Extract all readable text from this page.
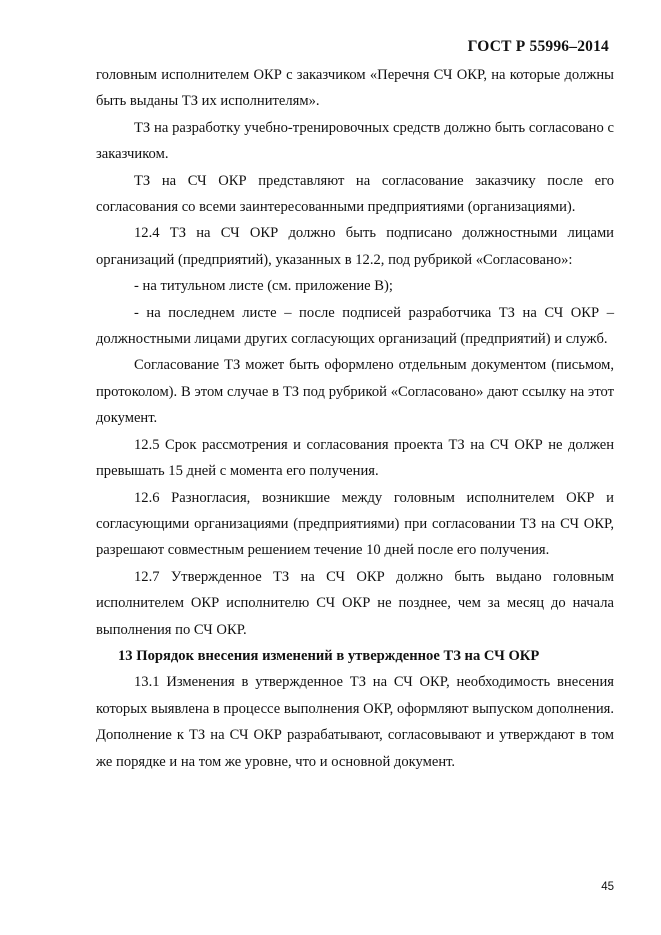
ГОСТ Р 55996–2014

головным исполнителем ОКР с заказчиком «Перечня СЧ ОКР, на которые должны быть выданы ТЗ их исполнителям».

ТЗ на разработку учебно-тренировочных средств должно быть согласовано с заказчиком.

ТЗ на СЧ ОКР представляют на согласование заказчику после его согласования со всеми заинтересованными предприятиями (организациями).

12.4 ТЗ на СЧ ОКР должно быть подписано должностными лицами организаций (предприятий), указанных в 12.2, под рубрикой «Согласовано»:

- на титульном листе (см. приложение В);

- на последнем листе – после подписей разработчика ТЗ на СЧ ОКР – должностными лицами других согласующих организаций (предприятий) и служб.

Согласование ТЗ может быть оформлено отдельным документом (письмом, протоколом). В этом случае в ТЗ под рубрикой «Согласовано» дают ссылку на этот документ.

12.5 Срок рассмотрения и согласования проекта ТЗ на СЧ ОКР не должен превышать 15 дней с момента его получения.

12.6 Разногласия, возникшие между головным исполнителем ОКР и согласующими организациями (предприятиями) при согласовании ТЗ на СЧ ОКР, разрешают совместным решением течение 10 дней после его получения.

12.7 Утвержденное ТЗ на СЧ ОКР должно быть выдано головным исполнителем ОКР исполнителю СЧ ОКР не позднее, чем за месяц до начала выполнения по СЧ ОКР.

13 Порядок внесения изменений в утвержденное ТЗ на СЧ ОКР

13.1 Изменения в утвержденное ТЗ на СЧ ОКР, необходимость внесения которых выявлена в процессе выполнения ОКР, оформляют выпуском дополнения. Дополнение к ТЗ на СЧ ОКР разрабатывают, согласовывают и утверждают в том же порядке и на том же уровне, что и основной документ.

45
